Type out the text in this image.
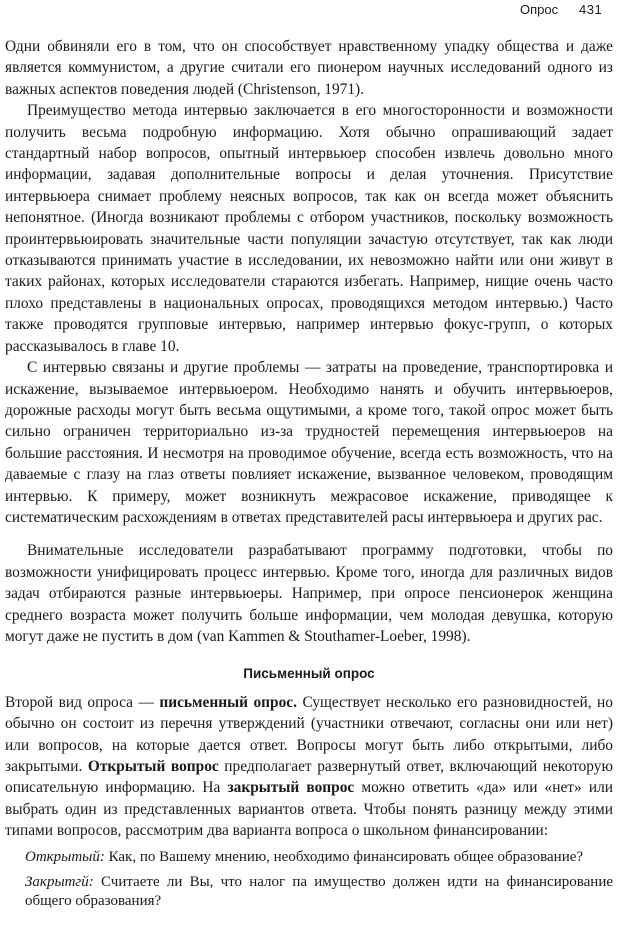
Опрос 431

Одни обвиняли его в том, что он способствует нравственному упадку общества и даже является коммунистом, а другие считали его пионером научных исследований одного из важных аспектов поведения людей (Christenson, 1971).

Преимущество метода интервью заключается в его многосторонности и возможности получить весьма подробную информацию. Хотя обычно опрашивающий задает стандартный набор вопросов, опытный интервьюер способен извлечь довольно много информации, задавая дополнительные вопросы и делая уточнения. Присутствие интервьюера снимает проблему неясных вопросов, так как он всегда может объяснить непонятное. (Иногда возникают проблемы с отбором участников, поскольку возможность проинтервьюировать значительные части популяции зачастую отсутствует, так как люди отказываются принимать участие в исследовании, их невозможно найти или они живут в таких районах, которых исследователи стараются избегать. Например, нищие очень часто плохо представлены в национальных опросах, проводящихся методом интервью.) Часто также проводятся групповые интервью, например интервью фокус-групп, о которых рассказывалось в главе 10.

С интервью связаны и другие проблемы — затраты на проведение, транспортировка и искажение, вызываемое интервьюером. Необходимо нанять и обучить интервьюеров, дорожные расходы могут быть весьма ощутимыми, а кроме того, такой опрос может быть сильно ограничен территориально из-за трудностей перемещения интервьюеров на большие расстояния. И несмотря на проводимое обучение, всегда есть возможность, что на даваемые с глазу на глаз ответы повлияет искажение, вызванное человеком, проводящим интервью. К примеру, может возникнуть межрасовое искажение, приводящее к систематическим расхождениям в ответах представителей расы интервьюера и других рас.

Внимательные исследователи разрабатывают программу подготовки, чтобы по возможности унифицировать процесс интервью. Кроме того, иногда для различных видов задач отбираются разные интервьюеры. Например, при опросе пенсионерок женщина среднего возраста может получить больше информации, чем молодая девушка, которую могут даже не пустить в дом (van Kammen & Stouthamer-Loeber, 1998).

Письменный опрос

Второй вид опроса — письменный опрос. Существует несколько его разновидностей, но обычно он состоит из перечня утверждений (участники отвечают, согласны они или нет) или вопросов, на которые дается ответ. Вопросы могут быть либо открытыми, либо закрытыми. Открытый вопрос предполагает развернутый ответ, включающий некоторую описательную информацию. На закрытый вопрос можно ответить «да» или «нет» или выбрать один из представленных вариантов ответа. Чтобы понять разницу между этими типами вопросов, рассмотрим два варианта вопроса о школьном финансировании:

Открытый: Как, по Вашему мнению, необходимо финансировать общее образование?

Закрытгй: Считаете ли Вы, что налог па имущество должен идти на финансирование общего образования?
